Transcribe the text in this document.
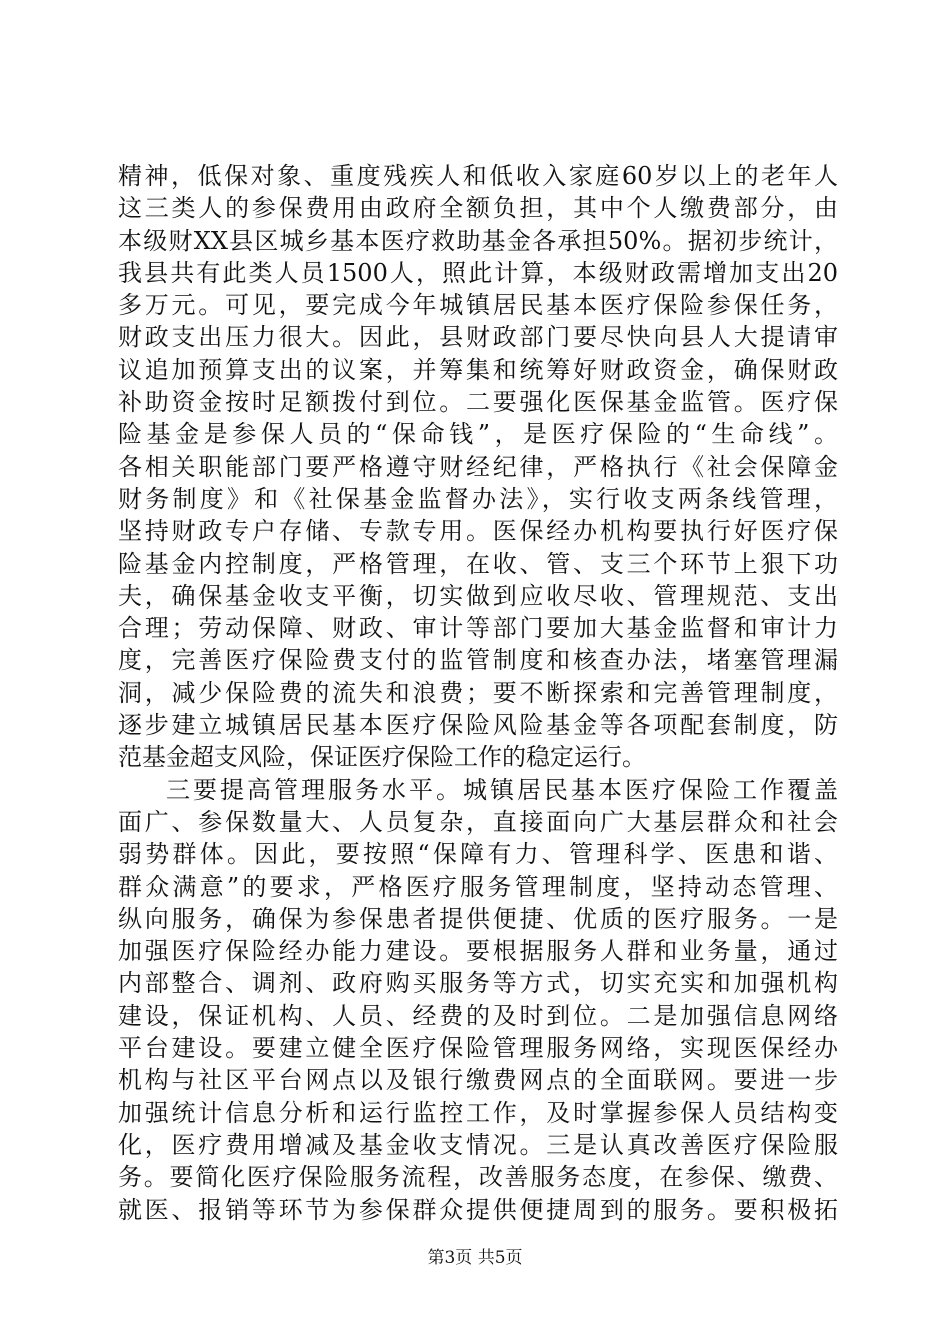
精神，低保对象、重度残疾人和低收入家庭60岁以上的老年人
这三类人的参保费用由政府全额负担，其中个人缴费部分，由
本级财XX县区城乡基本医疗救助基金各承担50%。据初步统计，
我县共有此类人员1500人，照此计算，本级财政需增加支出20
多万元。可见，要完成今年城镇居民基本医疗保险参保任务，
财政支出压力很大。因此，县财政部门要尽快向县人大提请审
议追加预算支出的议案，并筹集和统筹好财政资金，确保财政
补助资金按时足额拨付到位。二要强化医保基金监管。医疗保
险基金是参保人员的“保命钱”，是医疗保险的“生命线”。
各相关职能部门要严格遵守财经纪律，严格执行《社会保障金
财务制度》和《社保基金监督办法》，实行收支两条线管理，
坚持财政专户存储、专款专用。医保经办机构要执行好医疗保
险基金内控制度，严格管理，在收、管、支三个环节上狠下功
夫，确保基金收支平衡，切实做到应收尽收、管理规范、支出
合理；劳动保障、财政、审计等部门要加大基金监督和审计力
度，完善医疗保险费支付的监管制度和核查办法，堵塞管理漏
洞，减少保险费的流失和浪费；要不断探索和完善管理制度，
逐步建立城镇居民基本医疗保险风险基金等各项配套制度，防
范基金超支风险，保证医疗保险工作的稳定运行。
三要提高管理服务水平。城镇居民基本医疗保险工作覆盖
面广、参保数量大、人员复杂，直接面向广大基层群众和社会
弱势群体。因此，要按照“保障有力、管理科学、医患和谐、
群众满意”的要求，严格医疗服务管理制度，坚持动态管理、
纵向服务，确保为参保患者提供便捷、优质的医疗服务。一是
加强医疗保险经办能力建设。要根据服务人群和业务量，通过
内部整合、调剂、政府购买服务等方式，切实充实和加强机构
建设，保证机构、人员、经费的及时到位。二是加强信息网络
平台建设。要建立健全医疗保险管理服务网络，实现医保经办
机构与社区平台网点以及银行缴费网点的全面联网。要进一步
加强统计信息分析和运行监控工作，及时掌握参保人员结构变
化，医疗费用增减及基金收支情况。三是认真改善医疗保险服
务。要简化医疗保险服务流程，改善服务态度，在参保、缴费、
就医、报销等环节为参保群众提供便捷周到的服务。要积极拓
第3页 共5页
